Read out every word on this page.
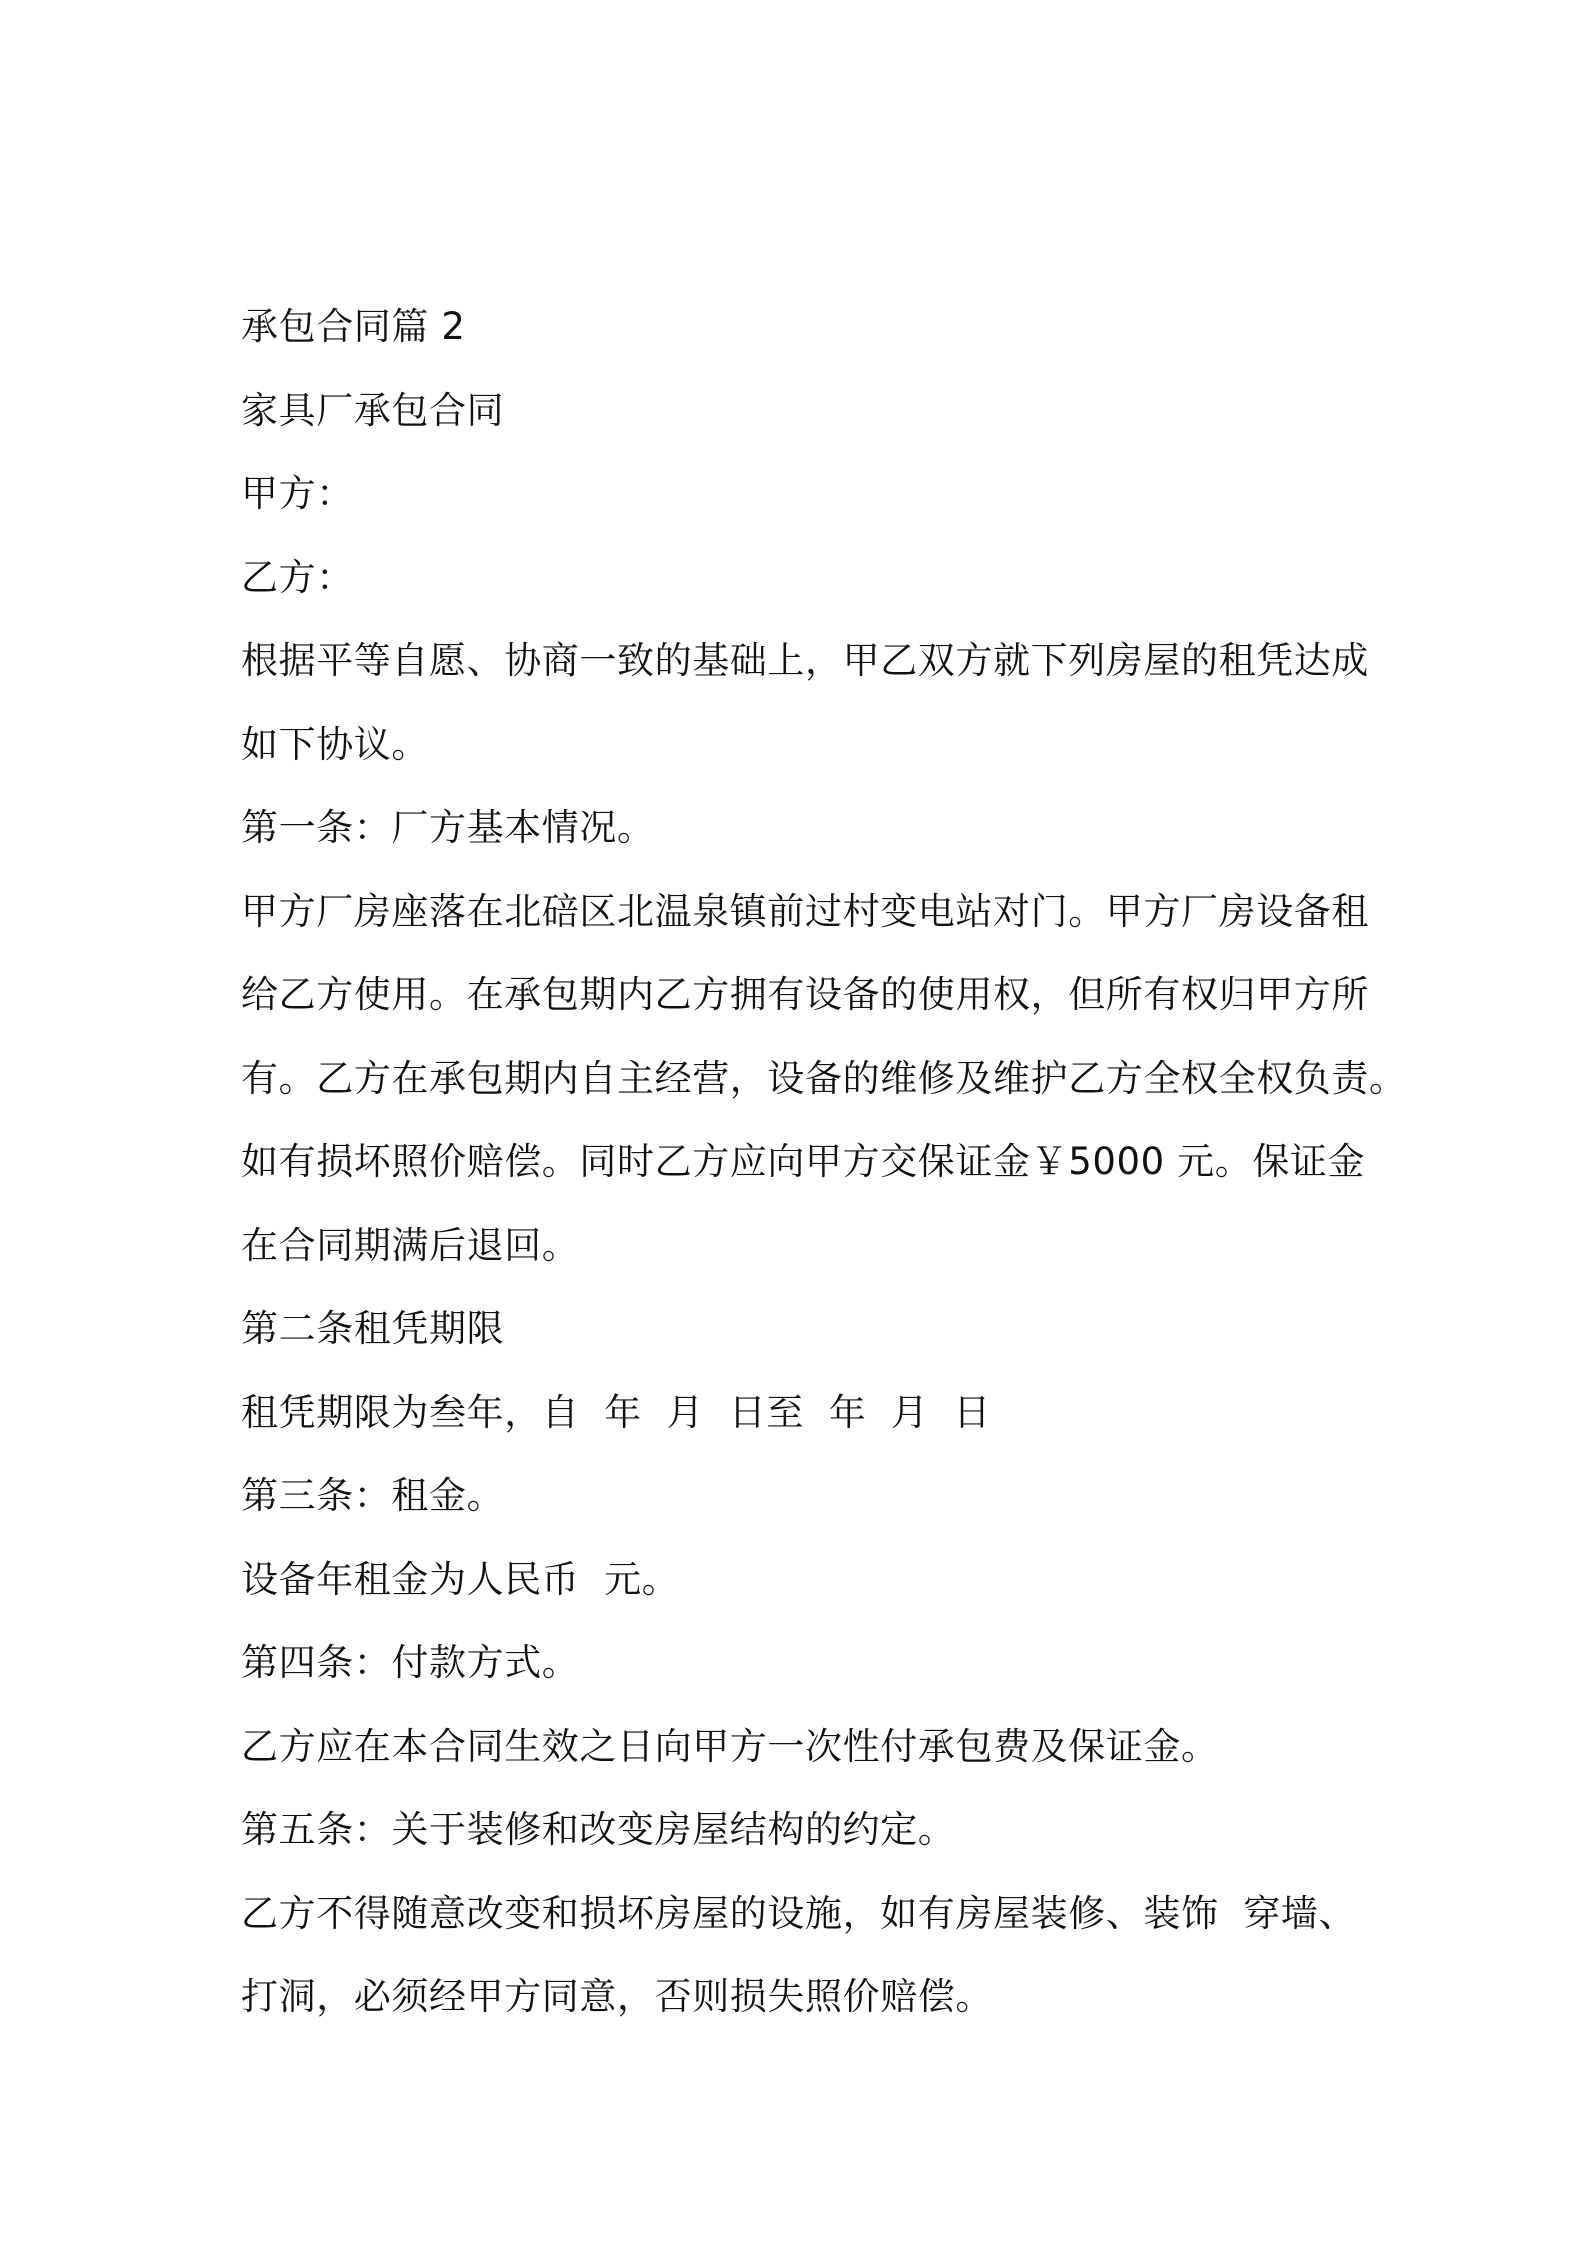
承包合同篇 2
家具厂承包合同
甲方：
乙方：
根据平等自愿、协商一致的基础上，甲乙双方就下列房屋的租凭达成
如下协议。
第一条：厂方基本情况。
甲方厂房座落在北碚区北温泉镇前过村变电站对门。甲方厂房设备租
给乙方使用。在承包期内乙方拥有设备的使用权，但所有权归甲方所
有。乙方在承包期内自主经营，设备的维修及维护乙方全权全权负责。
如有损坏照价赔偿。同时乙方应向甲方交保证金￥5000 元。保证金
在合同期满后退回。
第二条租凭期限
租凭期限为叁年，自  年  月  日至  年  月  日
第三条：租金。
设备年租金为人民币  元。
第四条：付款方式。
乙方应在本合同生效之日向甲方一次性付承包费及保证金。
第五条：关于装修和改变房屋结构的约定。
乙方不得随意改变和损坏房屋的设施，如有房屋装修、装饰  穿墙、
打洞，必须经甲方同意，否则损失照价赔偿。
